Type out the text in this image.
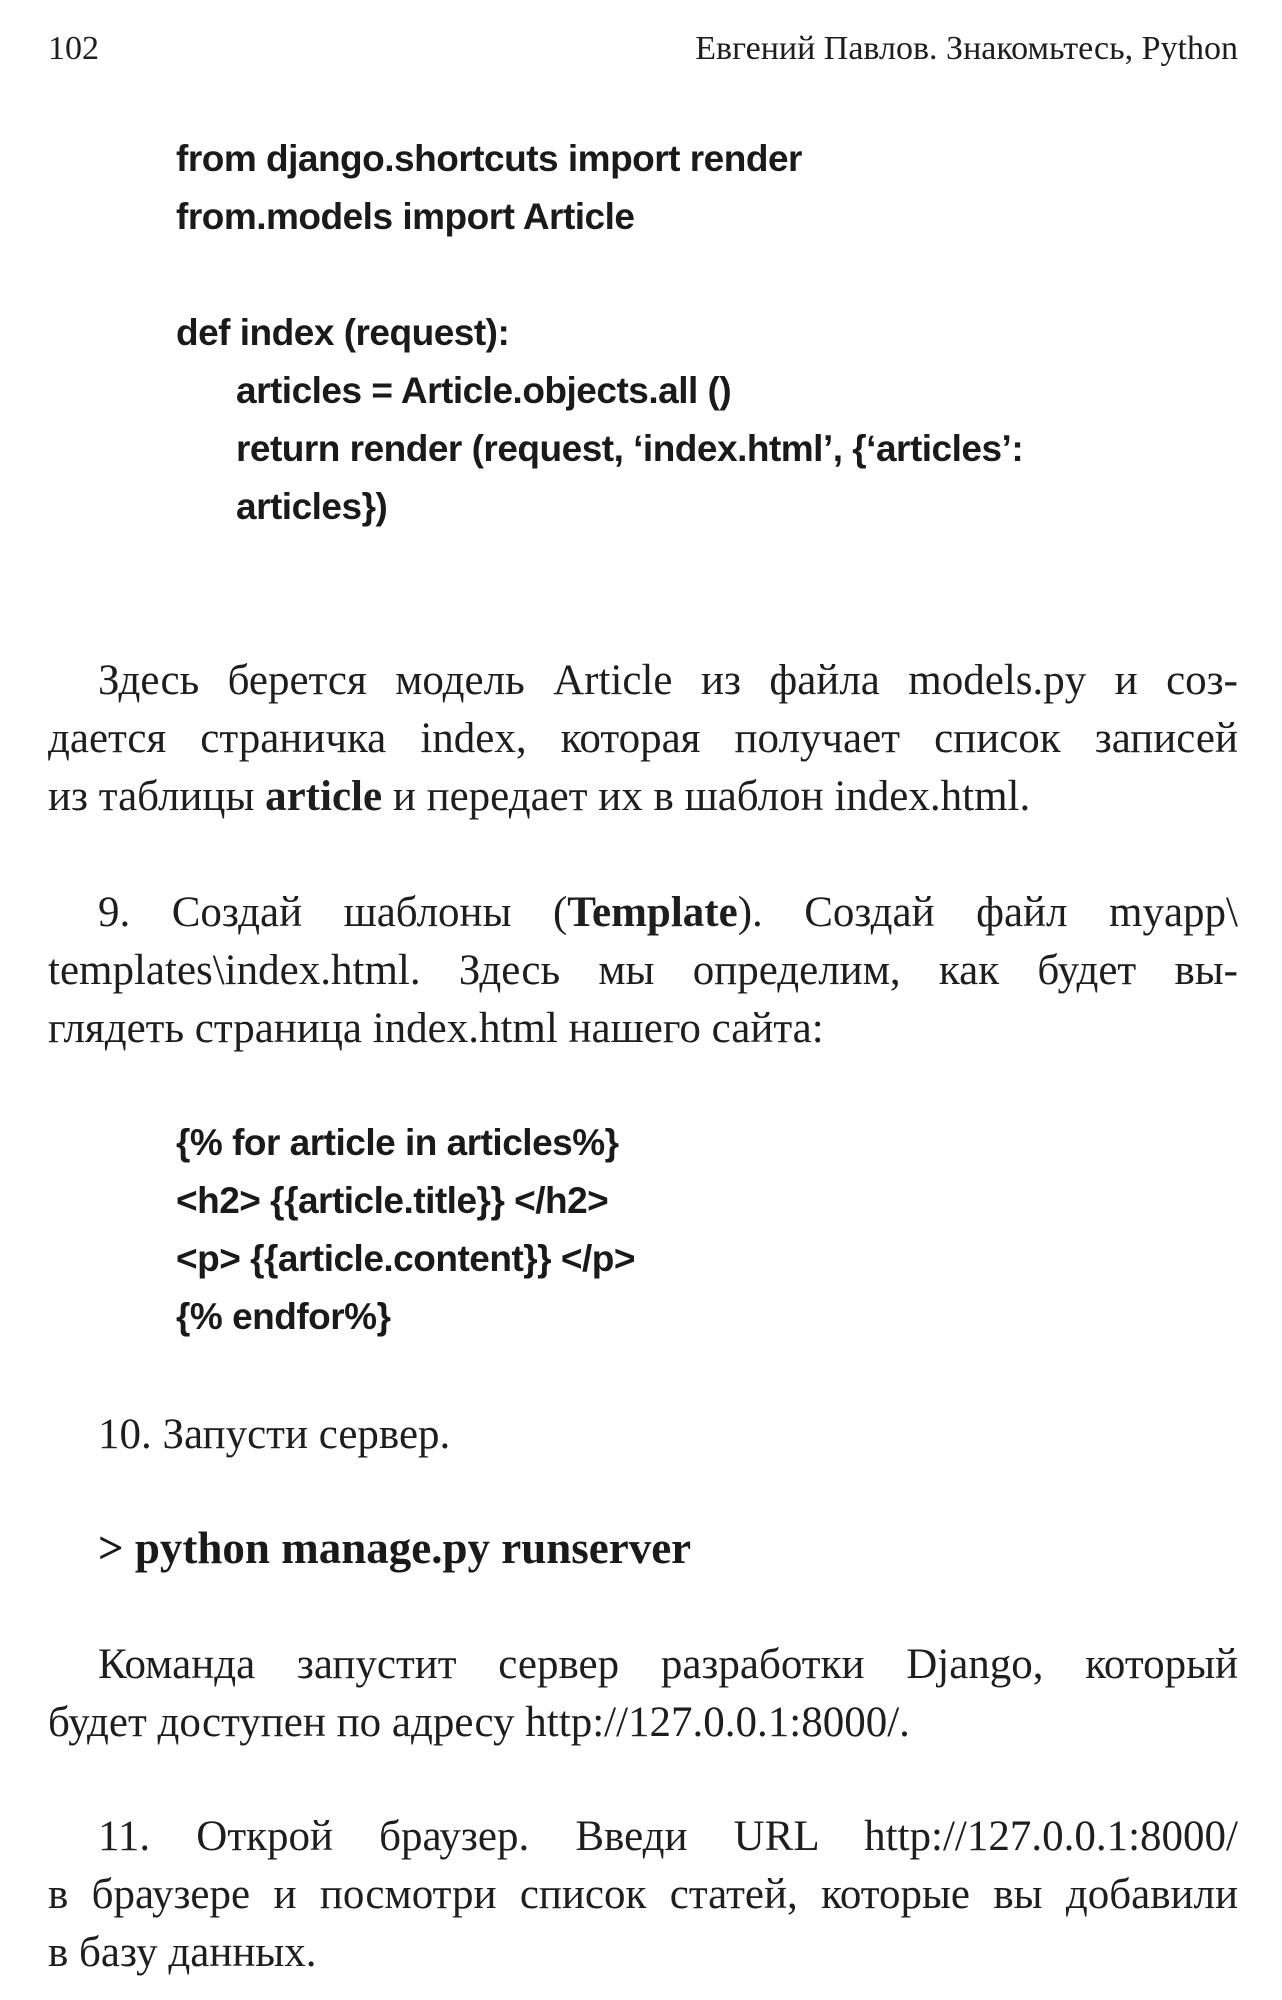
102	Евгений Павлов. Знакомьтесь, Python
from django.shortcuts import render
from.models import Article
def index (request):
articles = Article.objects.all ()
return render (request, ‘index.html’, {‘articles’:
articles})
Здесь берется модель Article из файла models.py и соз-
дается страничка index, которая получает список записей
из таблицы article и передает их в шаблон index.html.
9. Создай шаблоны (Template). Создай файл myapp\
templates\index.html. Здесь мы определим, как будет вы-
глядеть страница index.html нашего сайта:
{% for article in articles%}
<h2> {{article.title}} </h2>
<p> {{article.content}} </p>
{% endfor%}
10. Запусти сервер.
> python manage.py runserver
Команда запустит сервер разработки Django, который
будет доступен по адресу http://127.0.0.1:8000/.
11. Открой браузер. Введи URL http://127.0.0.1:8000/
в браузере и посмотри список статей, которые вы добавили
в базу данных.
